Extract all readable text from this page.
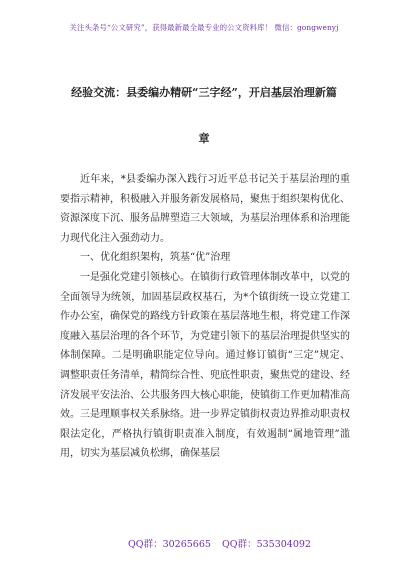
关注头条号“公文研究”，获得最新最全最专业的公文资料库！ 微信：gongwenyj
经验交流：县委编办精研“三字经”，开启基层治理新篇
章

近年来，*县委编办深入践行习近平总书记关于基层治理的重要指示精神，积极融入并服务新发展格局，聚焦于组织架构优化、资源深度下沉、服务品牌塑造三大领域，为基层治理体系和治理能力现代化注入强劲动力。

一、优化组织架构，筑基“优”治理

一是强化党建引领核心。在镇街行政管理体制改革中，以党的全面领导为统领，加固基层政权基石，为*个镇街统一设立党建工作办公室，确保党的路线方针政策在基层落地生根，将党建工作深度融入基层治理的各个环节，为党建引领下的基层治理提供坚实的体制保障。二是明确职能定位导向。通过修订镇街“三定”规定、调整职责任务清单，精简综合性、兜底性职责，聚焦党的建设、经济发展平安法治、公共服务四大核心职能，使镇街工作更加精准高效。三是理顺事权关系脉络。进一步界定镇街权责边界推动职责权限法定化，严格执行镇街职责准入制度，有效遏制“属地管理”滥用，切实为基层减负松绑，确保基层

QQ群：30265665 QQ群：535304092
